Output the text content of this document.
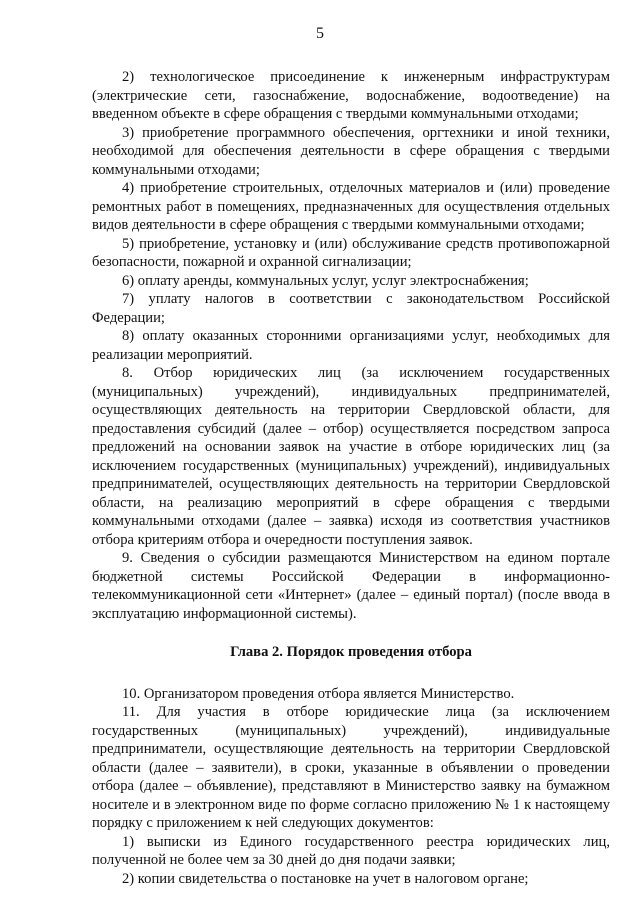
5

2) технологическое присоединение к инженерным инфраструктурам (электрические сети, газоснабжение, водоснабжение, водоотведение) на введенном объекте в сфере обращения с твердыми коммунальными отходами;

3) приобретение программного обеспечения, оргтехники и иной техники, необходимой для обеспечения деятельности в сфере обращения с твердыми коммунальными отходами;

4) приобретение строительных, отделочных материалов и (или) проведение ремонтных работ в помещениях, предназначенных для осуществления отдельных видов деятельности в сфере обращения с твердыми коммунальными отходами;

5) приобретение, установку и (или) обслуживание средств противопожарной безопасности, пожарной и охранной сигнализации;

6) оплату аренды, коммунальных услуг, услуг электроснабжения;

7) уплату налогов в соответствии с законодательством Российской Федерации;

8) оплату оказанных сторонними организациями услуг, необходимых для реализации мероприятий.

8. Отбор юридических лиц (за исключением государственных (муниципальных) учреждений), индивидуальных предпринимателей, осуществляющих деятельность на территории Свердловской области, для предоставления субсидий (далее – отбор) осуществляется посредством запроса предложений на основании заявок на участие в отборе юридических лиц (за исключением государственных (муниципальных) учреждений), индивидуальных предпринимателей, осуществляющих деятельность на территории Свердловской области, на реализацию мероприятий в сфере обращения с твердыми коммунальными отходами (далее – заявка) исходя из соответствия участников отбора критериям отбора и очередности поступления заявок.

9. Сведения о субсидии размещаются Министерством на едином портале бюджетной системы Российской Федерации в информационно-телекоммуникационной сети «Интернет» (далее – единый портал) (после ввода в эксплуатацию информационной системы).

Глава 2. Порядок проведения отбора

10. Организатором проведения отбора является Министерство.

11. Для участия в отборе юридические лица (за исключением государственных (муниципальных) учреждений), индивидуальные предприниматели, осуществляющие деятельность на территории Свердловской области (далее – заявители), в сроки, указанные в объявлении о проведении отбора (далее – объявление), представляют в Министерство заявку на бумажном носителе и в электронном виде по форме согласно приложению № 1 к настоящему порядку с приложением к ней следующих документов:

1) выписки из Единого государственного реестра юридических лиц, полученной не более чем за 30 дней до дня подачи заявки;

2) копии свидетельства о постановке на учет в налоговом органе;
